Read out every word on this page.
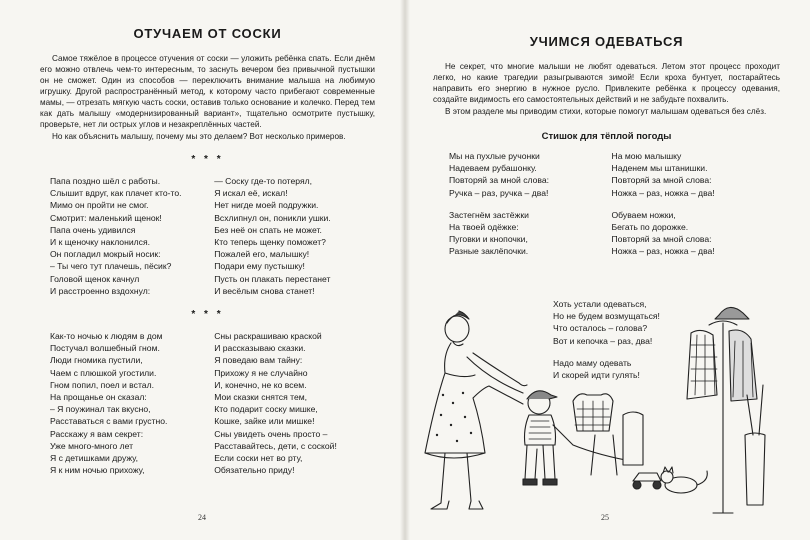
ОТУЧАЕМ ОТ СОСКИ

Самое тяжёлое в процессе отучения от соски — уложить ребёнка спать. Если днём его можно отвлечь чем-то интересным, то заснуть вечером без привычной пустышки он не сможет. Один из способов — переключить внимание малыша на любимую игрушку. Другой распространённый метод, к которому часто прибегают современные мамы, — отрезать мягкую часть соски, оставив только основание и колечко. Перед тем как дать малышу «модернизированный вариант», тщательно осмотрите пустышку, проверьте, нет ли острых углов и незакреплённых частей.

Но как объяснить малышу, почему мы это делаем? Вот несколько примеров.

* * *
Папа поздно шёл с работы.
Слышит вдруг, как плачет кто-то.
Мимо он пройти не смог.
Смотрит: маленький щенок!
Папа очень удивился
И к щеночку наклонился.
Он погладил мокрый носик:
– Ты чего тут плачешь, пёсик?
Головой щенок качнул
И расстроенно вздохнул:
— Соску где-то потерял,
Я искал её, искал!
Нет нигде моей подружки.
Всхлипнул он, поникли ушки.
Без неё он спать не может.
Кто теперь щенку поможет?
Пожалей его, малышку!
Подари ему пустышку!
Пусть он плакать перестанет
И весёлым снова станет!
* * *
Как-то ночью к людям в дом
Постучал волшебный гном.
Люди гномика пустили,
Чаем с плюшкой угостили.
Гном попил, поел и встал.
На прощанье он сказал:
– Я поужинал так вкусно,
Расставаться с вами грустно.
Расскажу я вам секрет:
Уже много-много лет
Я с детишками дружу,
Я к ним ночью прихожу,
Сны раскрашиваю краской
И рассказываю сказки.
Я поведаю вам тайну:
Прихожу я не случайно
И, конечно, не ко всем.
Мои сказки снятся тем,
Кто подарит соску мишке,
Кошке, зайке или мишке!
Сны увидеть очень просто –
Расставайтесь, дети, с соской!
Если соски нет во рту,
Обязательно приду!
24
УЧИМСЯ ОДЕВАТЬСЯ

Не секрет, что многие малыши не любят одеваться. Летом этот процесс проходит легко, но какие трагедии разыгрываются зимой! Если кроха бунтует, постарайтесь направить его энергию в нужное русло. Привлеките ребёнка к процессу одевания, создайте видимость его самостоятельных действий и не забудьте похвалить.

В этом разделе мы приводим стихи, которые помогут малышам одеваться без слёз.

Стишок для тёплой погоды
Мы на пухлые ручонки
Надеваем рубашонку.
Повторяй за мной слова:
Ручка – раз, ручка – два!
Застегнём застёжки
На твоей одёжке:
Пуговки и кнопочки,
Разные заклёпочки.
На мою малышку
Наденем мы штанишки.
Повторяй за мной слова:
Ножка – раз, ножка – два!
Обуваем ножки,
Бегать по дорожке.
Повторяй за мной слова:
Ножка – раз, ножка – два!
Хоть устали одеваться,
Но не будем возмущаться!
Что осталось – голова?
Вот и кепочка – раз, два!
Надо маму одевать
И скорей идти гулять!
25
